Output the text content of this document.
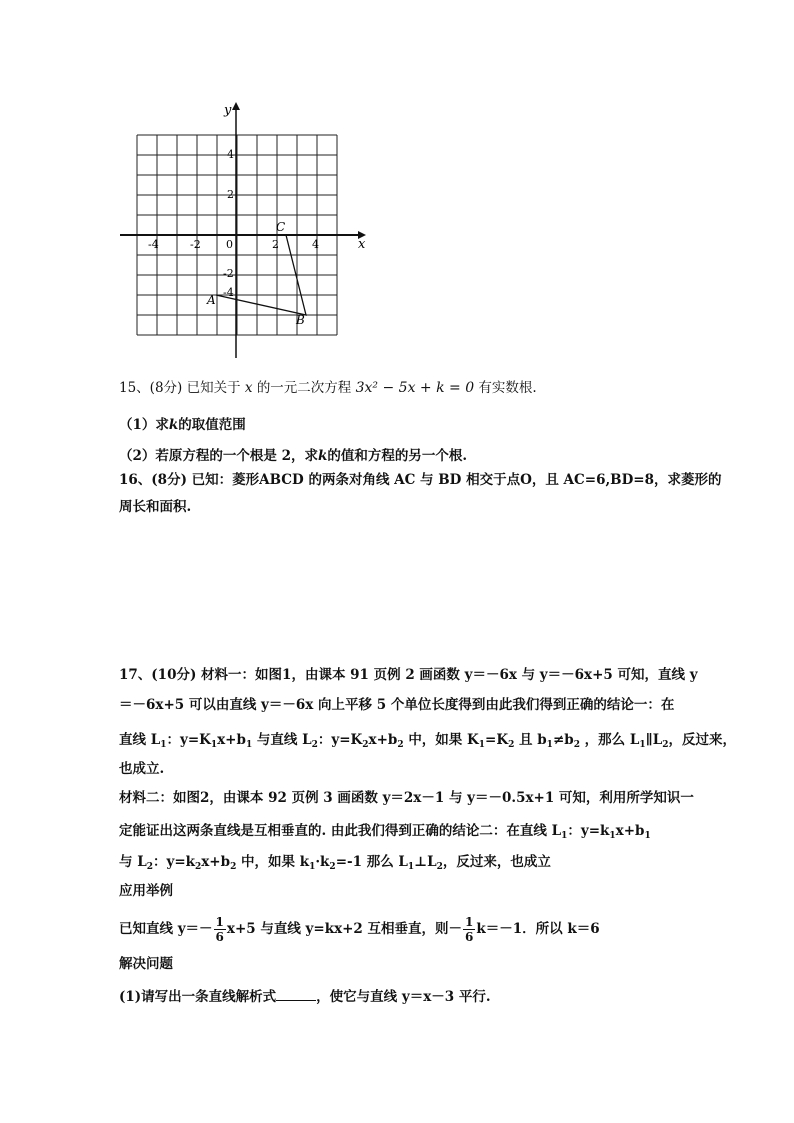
y
x
-4	-2 0	2	4
4
2
-2
-4
A
B
C
15、(8分) 已知关于 x 的一元二次方程 3x² − 5x + k = 0 有实数根.
（1）求k的取值范围
（2）若原方程的一个根是 2，求k的值和方程的另一个根.
16、(8分) 已知：菱形ABCD 的两条对角线 AC 与 BD 相交于点O，且 AC=6,BD=8，求菱形的
周长和面积.
17、(10分) 材料一：如图1，由课本 91 页例 2 画函数 y＝－6x 与 y＝－6x+5 可知，直线 y
＝－6x+5 可以由直线 y＝－6x 向上平移 5 个单位长度得到由此我们得到正确的结论一：在
直线 $L_1$：$y=K_1x+b_1$ 与直线 $L_2$：$y=K_2x+b_2$ 中，如果 $K_1=K_2$ 且 $b_1\ne b_2$ ，那么 $L_1\parallel L_2$，反过来，
也成立.
材料二：如图2，由课本 92 页例 3 画函数 y＝2x－1 与 y＝－0.5x+1 可知，利用所学知识一
定能证出这两条直线是互相垂直的. 由此我们得到正确的结论二：在直线 $L_1$：$y=k_1x+b_1$
与 $L_2$：$y=k_2x+b_2$ 中，如果 $k_1\cdot k_2=-1$ 那么 $L_1\perp L_2$，反过来，也成立
应用举例
已知直线 $y=- \frac{1}{6} x+5$ 与直线 y=kx+2 互相垂直，则－ $\frac{1}{6} k=-1$．所以 k＝6
解决问题
(1)请写出一条直线解析式	，使它与直线 y＝x－3 平行.
